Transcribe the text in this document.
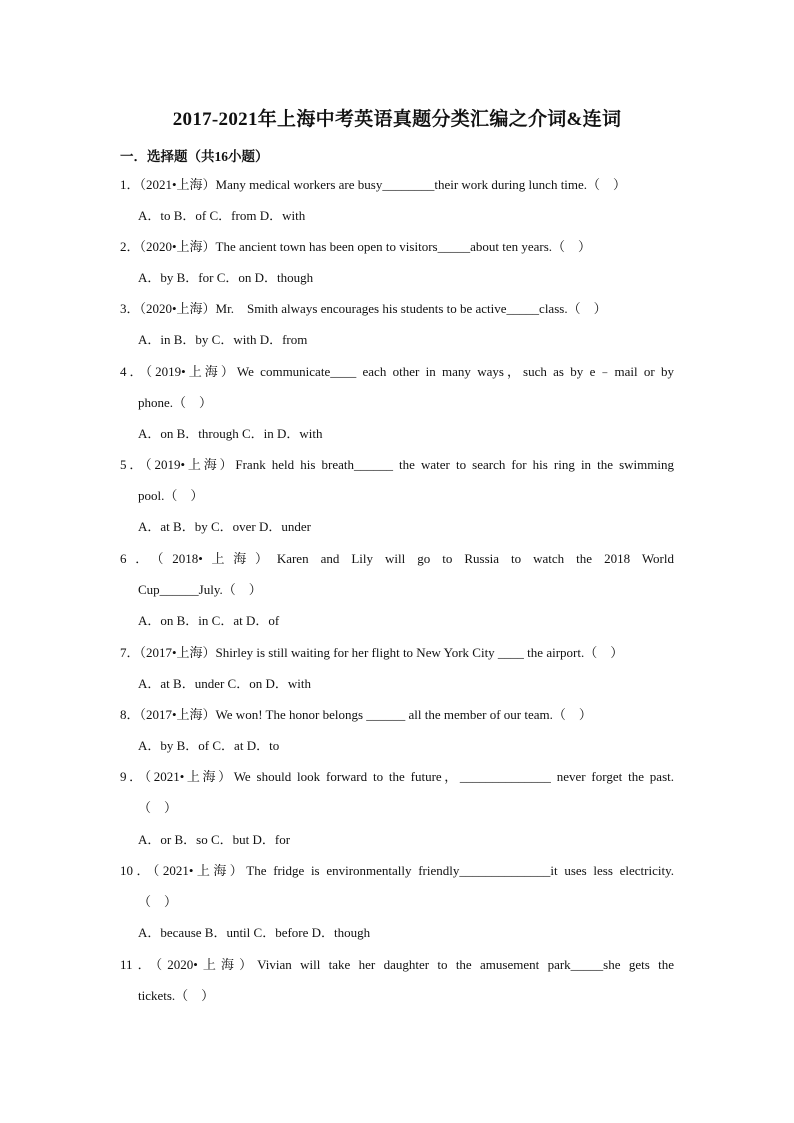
2017-2021年上海中考英语真题分类汇编之介词&连词
一．选择题（共16小题）
1．（2021•上海）Many medical workers are busy________their work during lunch time.（　）
A．to B．of C．from D．with
2．（2020•上海）The ancient town has been open to visitors_____about ten years.（　）
A．by B．for C．on D．though
3．（2020•上海）Mr.　Smith always encourages his students to be active_____class.（　）
A．in B．by C．with D．from
4．（2019•上海）We communicate____ each other in many ways，such as by e﹣mail or by
phone.（　）
A．on B．through C．in D．with
5．（2019•上海）Frank held his breath______ the water to search for his ring in the swimming
pool.（　）
A．at B．by C．over D．under
6．（2018•上海）Karen and Lily will go to Russia to watch the 2018 World
Cup______July.（　）
A．on B．in C．at D．of
7．（2017•上海）Shirley is still waiting for her flight to New York City ____ the airport.（　）
A．at B．under C．on D．with
8．（2017•上海）We won! The honor belongs ______ all the member of our team.（　）
A．by B．of C．at D．to
9．（2021•上海）We should look forward to the future，______________ never forget the past.
（　）
A．or B．so C．but D．for
10．（2021•上海）The fridge is environmentally friendly______________it uses less electricity.
（　）
A．because B．until C．before D．though
11．（2020•上海）Vivian will take her daughter to the amusement park_____she gets the
tickets.（　）
